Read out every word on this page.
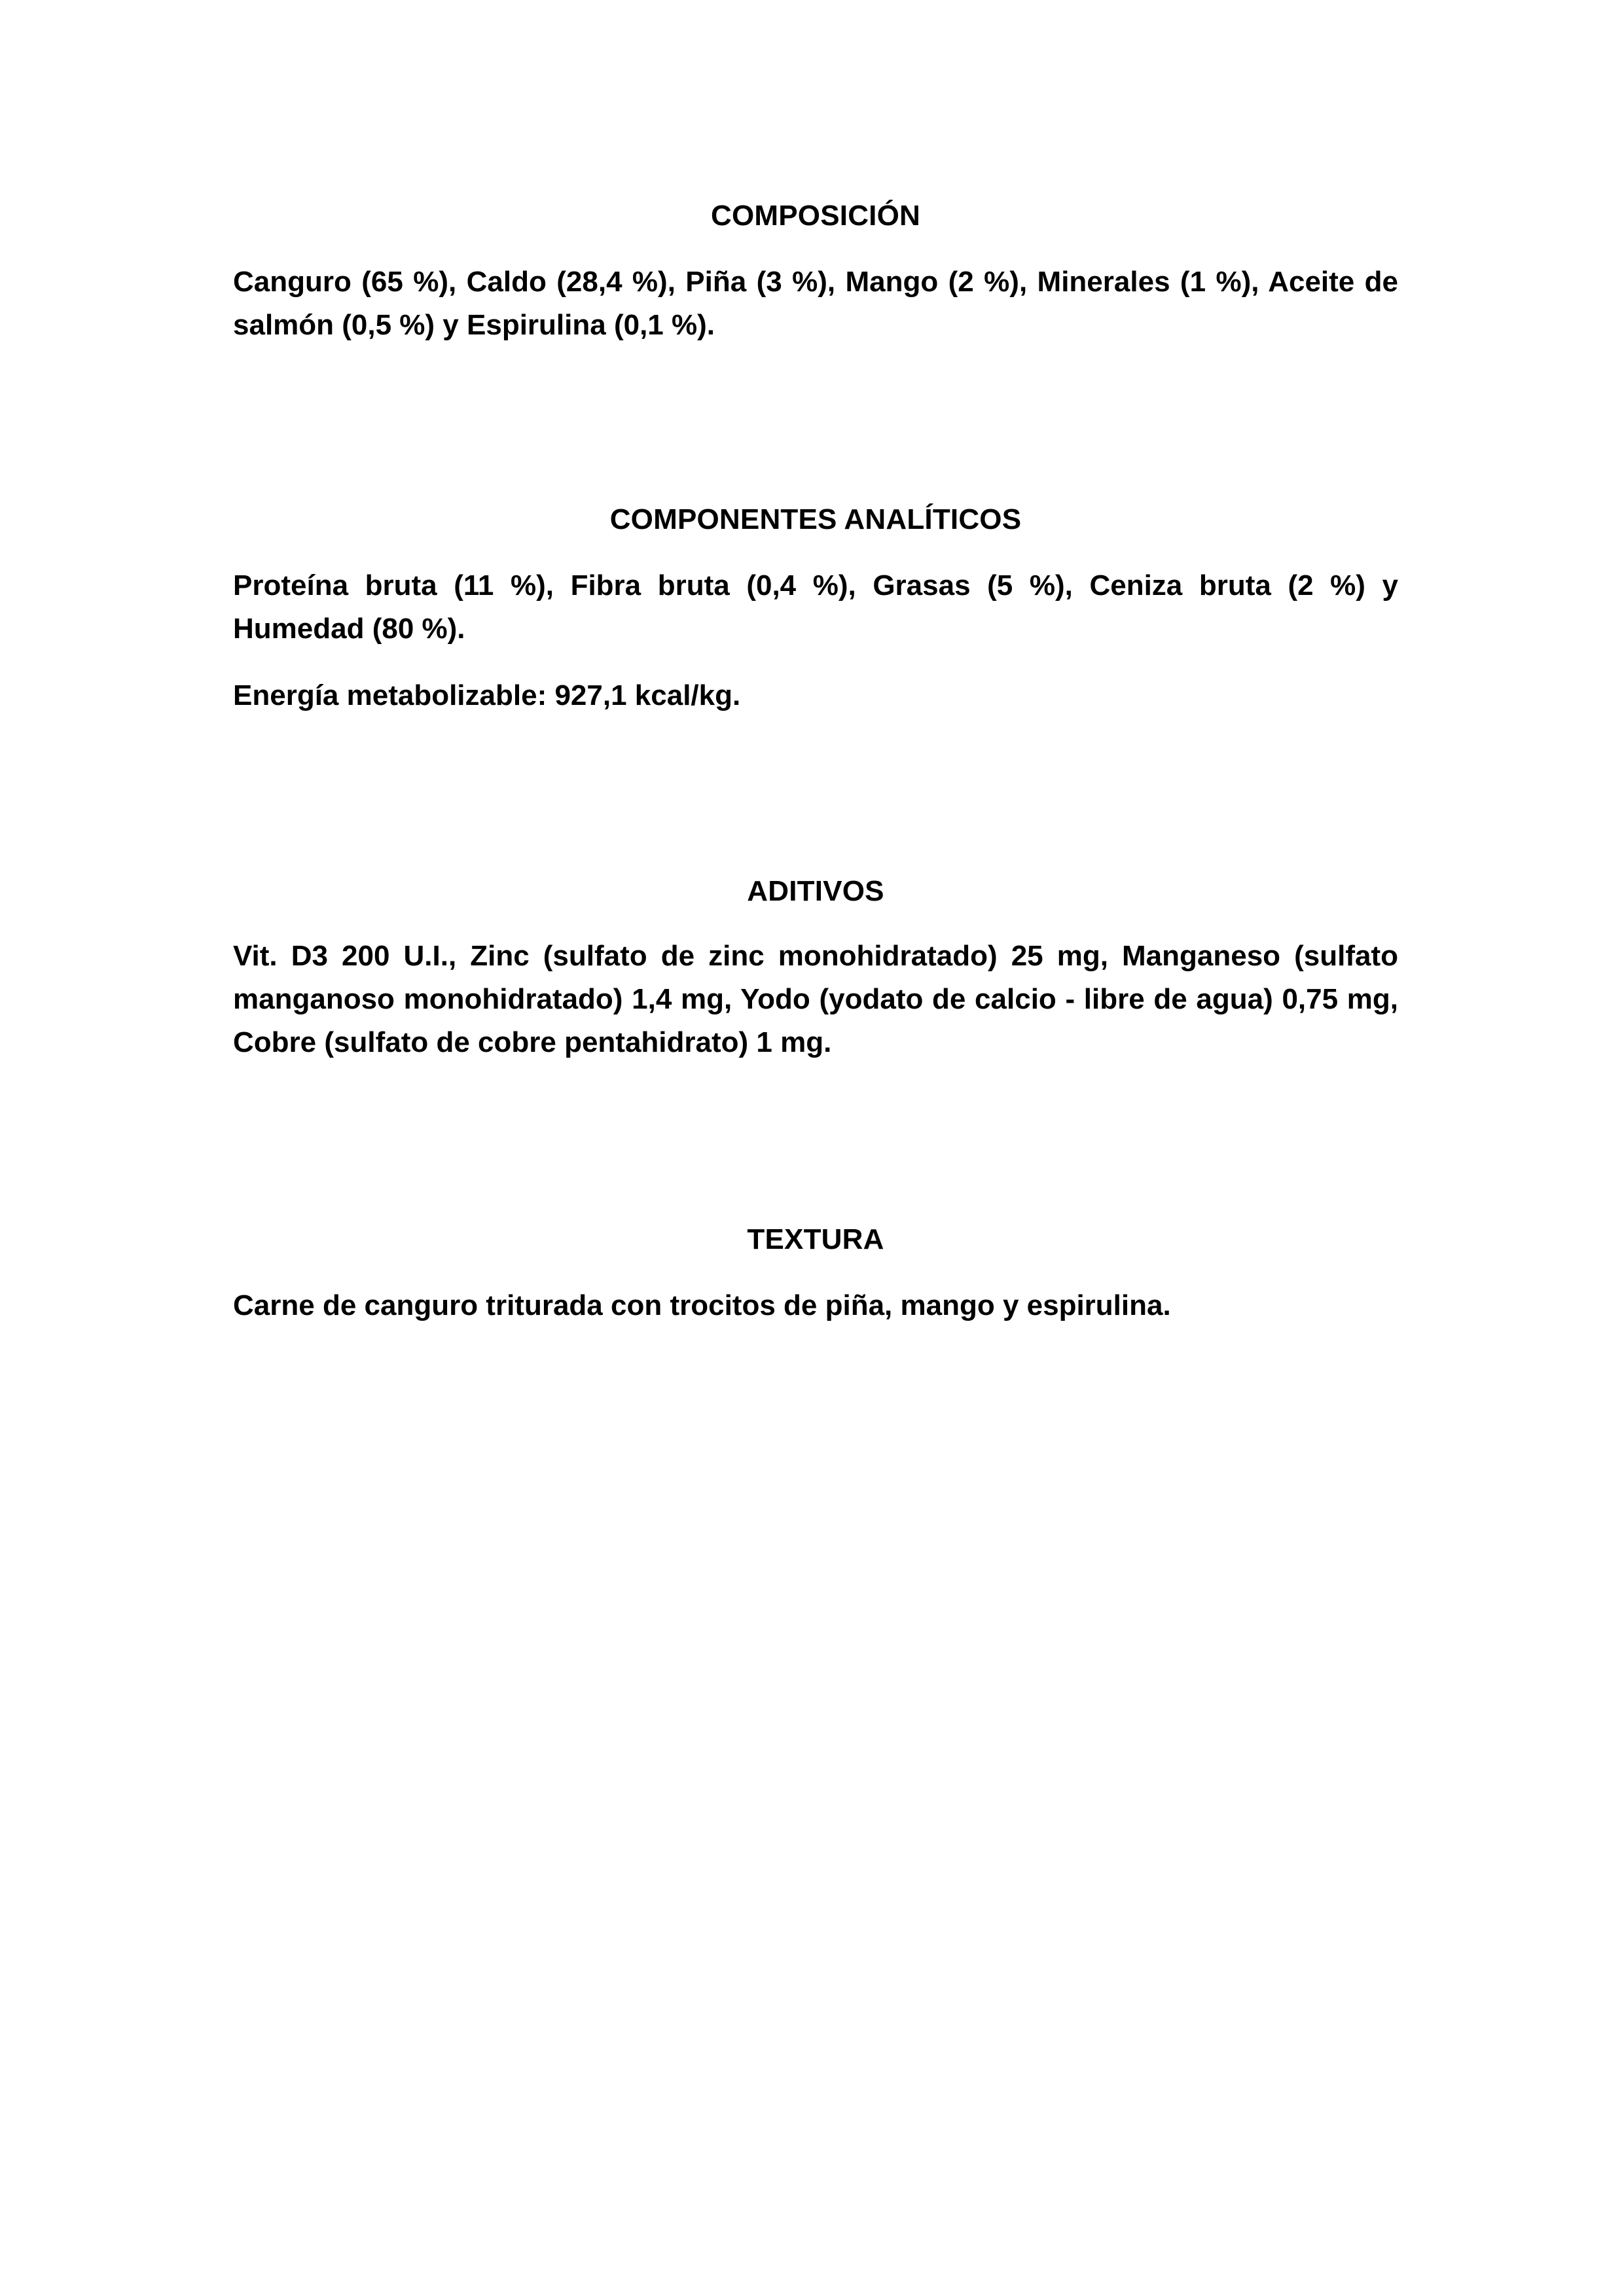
COMPOSICIÓN

Canguro (65 %), Caldo (28,4 %), Piña (3 %), Mango (2 %), Minerales (1 %), Aceite de salmón (0,5 %) y Espirulina (0,1 %).

COMPONENTES ANALÍTICOS

Proteína bruta (11 %), Fibra bruta (0,4 %), Grasas (5 %), Ceniza bruta (2 %) y Humedad (80 %).

Energía metabolizable: 927,1 kcal/kg.

ADITIVOS

Vit. D3 200 U.I., Zinc (sulfato de zinc monohidratado) 25 mg, Manganeso (sulfato manganoso monohidratado) 1,4 mg, Yodo (yodato de calcio - libre de agua) 0,75 mg, Cobre (sulfato de cobre pentahidrato) 1 mg.

TEXTURA

Carne de canguro triturada con trocitos de piña, mango y espirulina.
